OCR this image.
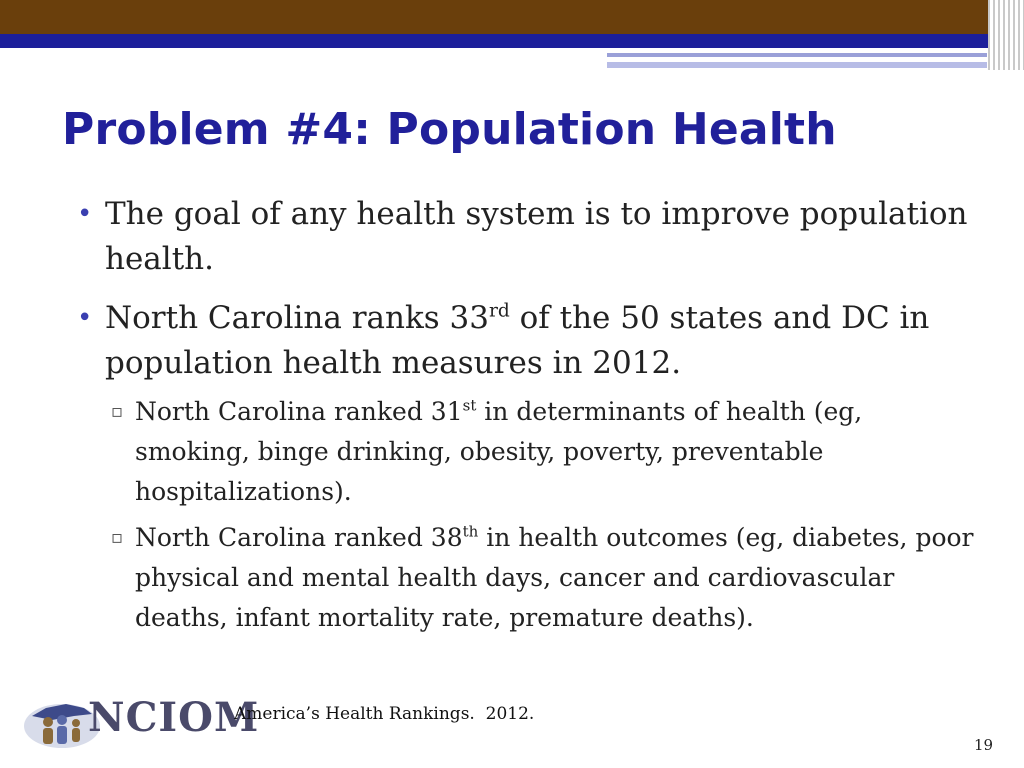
Problem #4: Population Health
• The goal of any health system is to improve population health.
• North Carolina ranks 33rd of the 50 states and DC in population health measures in 2012.
▫ North Carolina ranked 31st in determinants of health (eg, smoking, binge drinking, obesity, poverty, preventable hospitalizations).
▫ North Carolina ranked 38th in health outcomes (eg, diabetes, poor physical and mental health days, cancer and cardiovascular deaths, infant mortality rate, premature deaths).
NCIOM
America’s Health Rankings.  2012.
19
